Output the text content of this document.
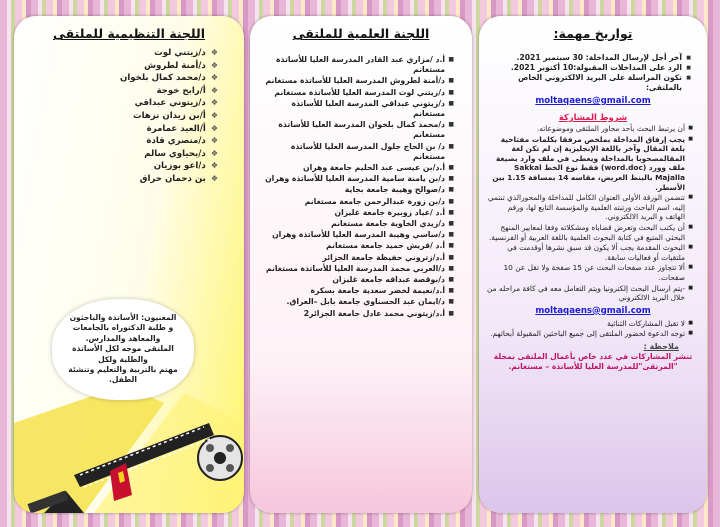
اللجنة التنظيمية للملتقى
❖ د/زيتني لوت
❖ د/أمنة لطروش
❖ د/محمد كمال بلخوان
❖ أ/رابح خوجة
❖ د/زيتوني عبداقي
❖ أ/بن زيدان نزهات
❖ أ/العيد عمامرة
❖ د/منصري قادة
❖ د/يحياوي سالم
❖ د/اعو بوزيان
❖ بن دحمان حراق
المعنيون: الأساتذة والباحثون
و طلبة الدكتوراه بالجامعات
والمعاهد والمدارس.
الملتقى موجه لكل الأساتذة والطلبة ولكل
مهتم بالتربية والتعليم وتنشئة الطفل.
اللجنة العلمية للملتقى
■ أ.د /مزاري عبد القادر المدرسة العليا للأساتذة مستغانم
■ د/أمنة لطروش المدرسة العليا للأساتذة مستغانم
■ د/زيتني لوت المدرسة العليا للأساتذة مستغانم
■ د/زيتوني عبداقي المدرسة العليا للأساتذة مستغانم
■ د/محمد كمال بلخوان المدرسة العليا للأساتذة مستغانم
■ د/ بن الحاج جلول المدرسة العليا للأساتذة مستغانم
■ أ.د/بن عيسى عبد الحليم جامعة وهران
■ د/بن يامنة سامية المدرسة العليا للأساتذة وهران
■ د/صوالح وهيبة جامعة بجاية
■ د/بن زورة عبدالرحمن جامعة مستغانم
■ أ.د /عياد زوبيرة جامعة غليزان
■ د/زيدي الخاوية جامعة مستغانم
■ د/ساسي وهيبة المدرسة العليا للأساتذة وهران
■ أ.د /قريش حميد جامعة مستغانم
■ أ.د/زتروني حفيظة جامعة الجزائر
■ د/العربي محمد المدرسة العليا للأساتذة مستغانم
■ د/بوقصة عبداقه جامعة غليزان
■ أ.د/نعيمة لخضر سعدية جامعة بسكرة
■ د/ايمان عبد الحسناوي جامعة بابل –العراق.
■ أ.د/زيتوني محمد عادل جامعة الجزائر2
تواريخ مهمة:
■ آخر أجل لإرسال المداخلة: 30 سبتمبر 2021.
■ الرد على المداخلات المقبولة:10 أكتوبر 2021.
■ تكون المراسلة على البريد الالكتروني الخاص بالملتقى:
moltaqaens@gmail.com
شروط المشاركة

■ أن يرتبط البحث بأحد محاور الملتقى وموضوعاته.

■ يجب إرفاق المداخلة بملخص مرفقا بكلمات مفتاحية بلغة المقال وآخر باللغة الإنجليزية إن لم تكن لغة المقالمصحوبا بالمداخلة ويعطى في ملف وارد بصيغة ملف وورد (word.doc) فقط نوع الخط Sakkal Majalla بالبنط العريض، مقاسه 14 بمسافة 1.15 بين الأسطر.

■ تتضمن الورقة الأولى العنوان الكامل للمداخلة والمحورالذي تنتمي إليه، اسم الباحث ورتبته العلمية والمؤسسة التابع لها، ورقم الهاتف و البريد الالكتروني.

■ أن يكتب البحث وتعرض قضاياه ومشكلاته وفقا لمعايير المنهج البحثي المتبع في كتابة البحوث العلمية باللغة العربية أو الفرنسية.

■ البحوث المقدمة يجب ألا يكون قد سبق نشرها أوقدمت في ملتقيات أو فعاليات سابقة.

■ ألا تتجاوز عدد صفحات البحث عن 15 صفحة ولا تقل عن 10 صفحات.

■ -يتم ارسال البحث إلكترونيا ويتم التعامل معه في كافة مراحله من خلال البريد الالكتروني

moltaqaens@gmail.com

■ لا تقبل المشاركات الثنائية

■ توجه الدعوة لحضور الملتقى إلى جميع الباحثين المقبولة أبحاثهم.

ملاحظة :
تنشر المشاركات في عدد خاص بأعمال الملتقى بمجلة "المرتقى"للمدرسة العليا للأساتذة – مستغانم.
